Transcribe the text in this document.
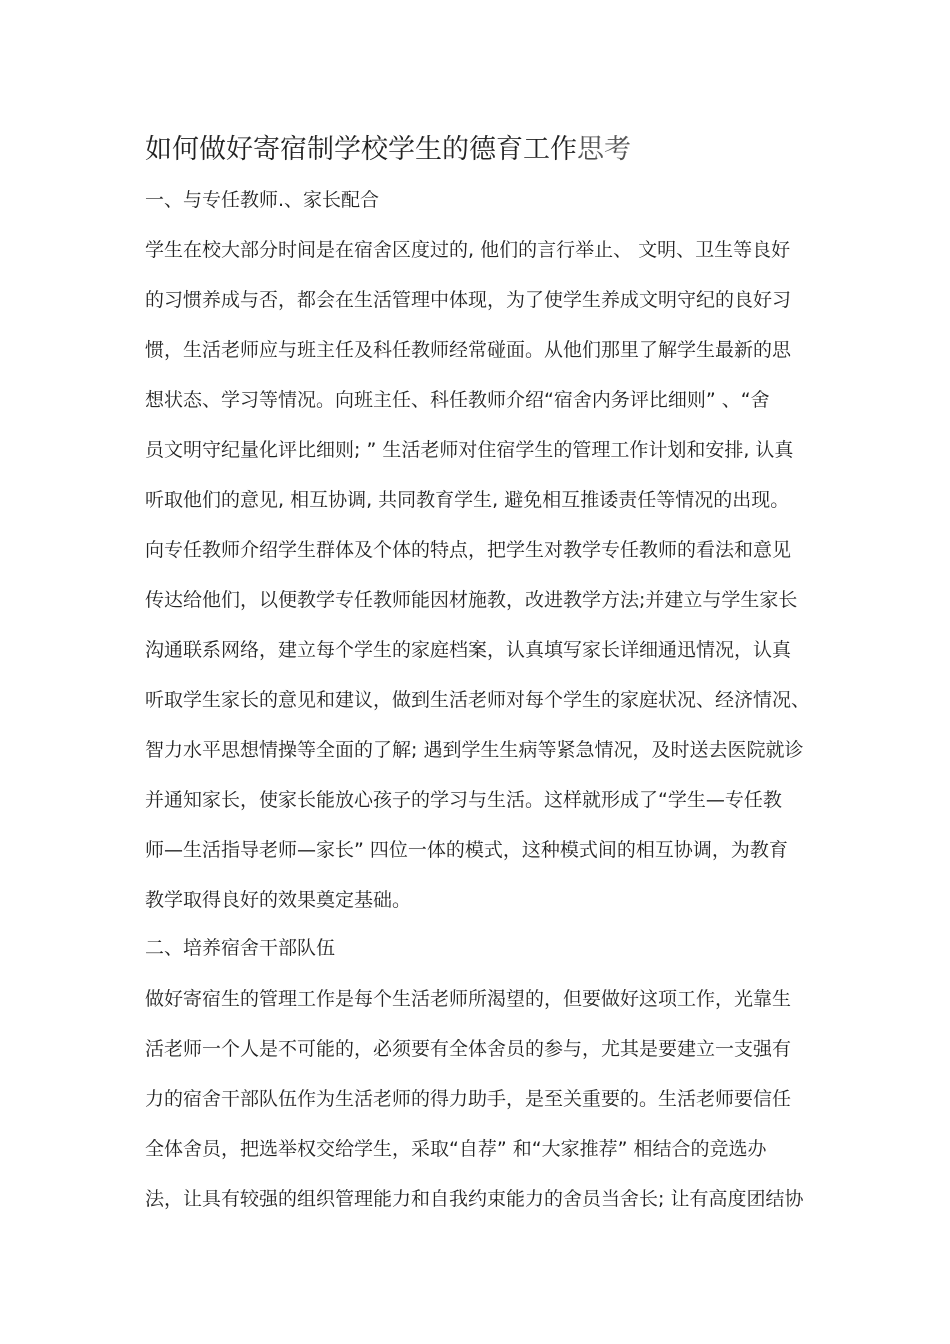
如何做好寄宿制学校学生的德育工作思考
一、与专任教师.、家长配合
学生在校大部分时间是在宿舍区度过的, 他们的言行举止、 文明、卫生等良好
的习惯养成与否，都会在生活管理中体现，为了使学生养成文明守纪的良好习
惯，生活老师应与班主任及科任教师经常碰面。从他们那里了解学生最新的思
想状态、学习等情况。向班主任、科任教师介绍“宿舍内务评比细则” 、“舍
员文明守纪量化评比细则; ” 生活老师对住宿学生的管理工作计划和安排, 认真
听取他们的意见, 相互协调, 共同教育学生, 避免相互推诿责任等情况的出现。
向专任教师介绍学生群体及个体的特点，把学生对教学专任教师的看法和意见
传达给他们，以便教学专任教师能因材施教，改进教学方法;并建立与学生家长
沟通联系网络，建立每个学生的家庭档案，认真填写家长详细通迅情况，认真
听取学生家长的意见和建议，做到生活老师对每个学生的家庭状况、经济情况、
智力水平思想情操等全面的了解; 遇到学生生病等紧急情况，及时送去医院就诊
并通知家长，使家长能放心孩子的学习与生活。这样就形成了“学生—专任教
师—生活指导老师—家长” 四位一体的模式，这种模式间的相互协调，为教育
教学取得良好的效果奠定基础。
二、培养宿舍干部队伍
做好寄宿生的管理工作是每个生活老师所渴望的，但要做好这项工作，光靠生
活老师一个人是不可能的，必须要有全体舍员的参与，尤其是要建立一支强有
力的宿舍干部队伍作为生活老师的得力助手，是至关重要的。生活老师要信任
全体舍员，把选举权交给学生，采取“自荐” 和“大家推荐” 相结合的竞选办
法，让具有较强的组织管理能力和自我约束能力的舍员当舍长; 让有高度团结协
